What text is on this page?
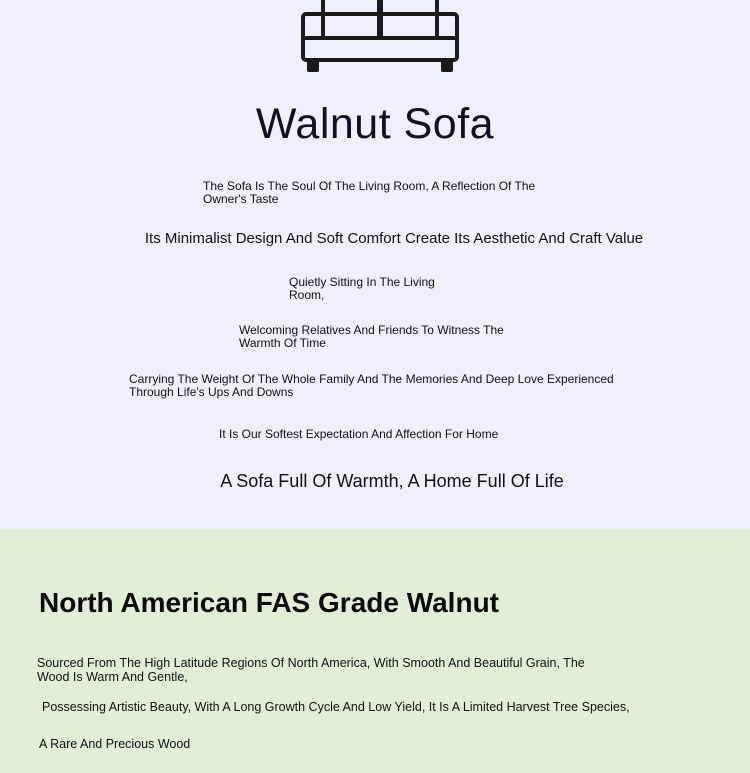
Walnut Sofa
The Sofa Is The Soul Of The Living Room, A Reflection Of The Owner's Taste
Its Minimalist Design And Soft Comfort Create Its Aesthetic And Craft Value
Quietly Sitting In The Living Room,
Welcoming Relatives And Friends To Witness The Warmth Of Time
Carrying The Weight Of The Whole Family And The Memories And Deep Love Experienced Through Life's Ups And Downs
It Is Our Softest Expectation And Affection For Home
A Sofa Full Of Warmth, A Home Full Of Life
North American FAS Grade Walnut
Sourced From The High Latitude Regions Of North America, With Smooth And Beautiful Grain, The Wood Is Warm And Gentle,
Possessing Artistic Beauty, With A Long Growth Cycle And Low Yield, It Is A Limited Harvest Tree Species,
A Rare And Precious Wood
